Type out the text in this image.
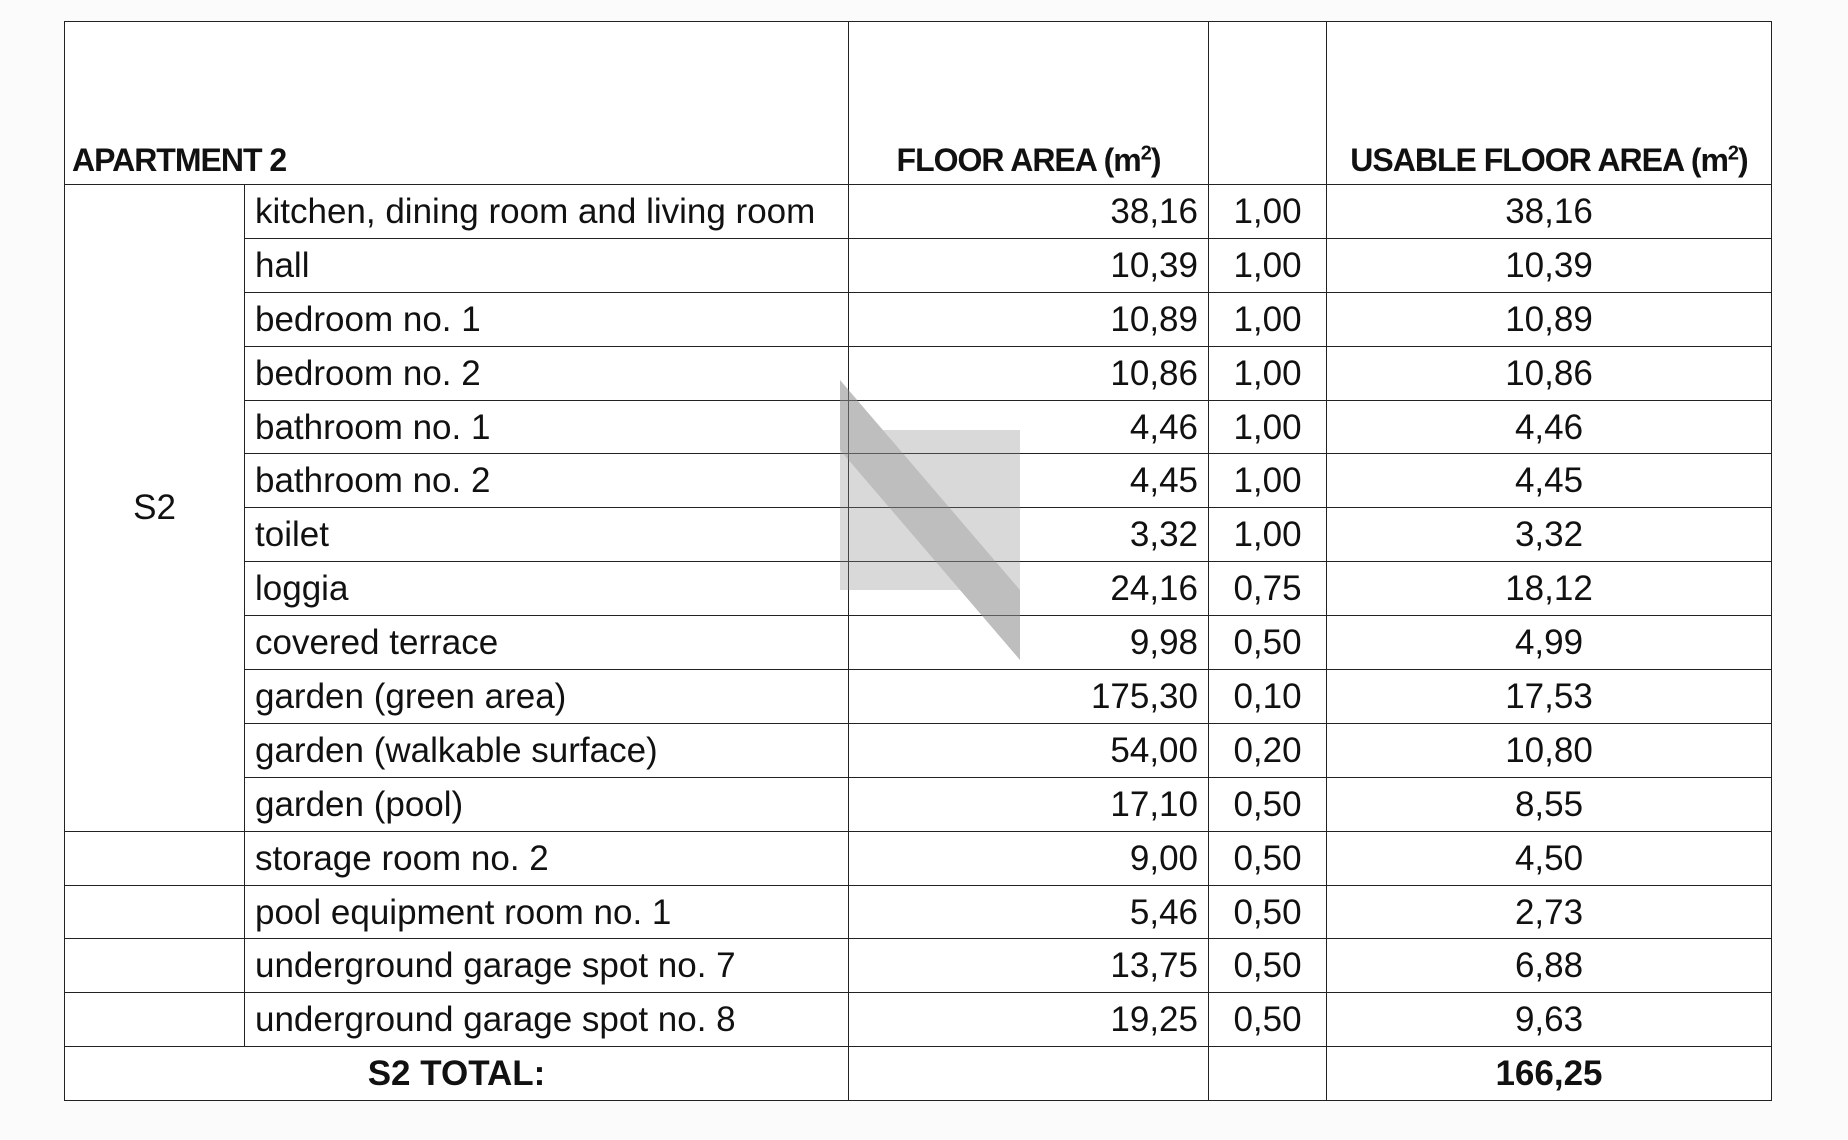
APARTMENT 2		FLOOR AREA $(m^2)$		USABLE FLOOR AREA $(m^2)$
S2	kitchen, dining room and living room	38,16	1,00	38,16
	hall	10,39	1,00	10,39
	bedroom no. 1	10,89	1,00	10,89
	bedroom no. 2	10,86	1,00	10,86
	bathroom no. 1	4,46	1,00	4,46
	bathroom no. 2	4,45	1,00	4,45
	toilet	3,32	1,00	3,32
	loggia	24,16	0,75	18,12
	covered terrace	9,98	0,50	4,99
	garden (green area)	175,30	0,10	17,53
	garden (walkable surface)	54,00	0,20	10,80
	garden (pool)	17,10	0,50	8,55
	storage room no. 2	9,00	0,50	4,50
	pool equipment room no. 1	5,46	0,50	2,73
	underground garage spot no. 7	13,75	0,50	6,88
	underground garage spot no. 8	19,25	0,50	9,63
S2 TOTAL:				166,25
